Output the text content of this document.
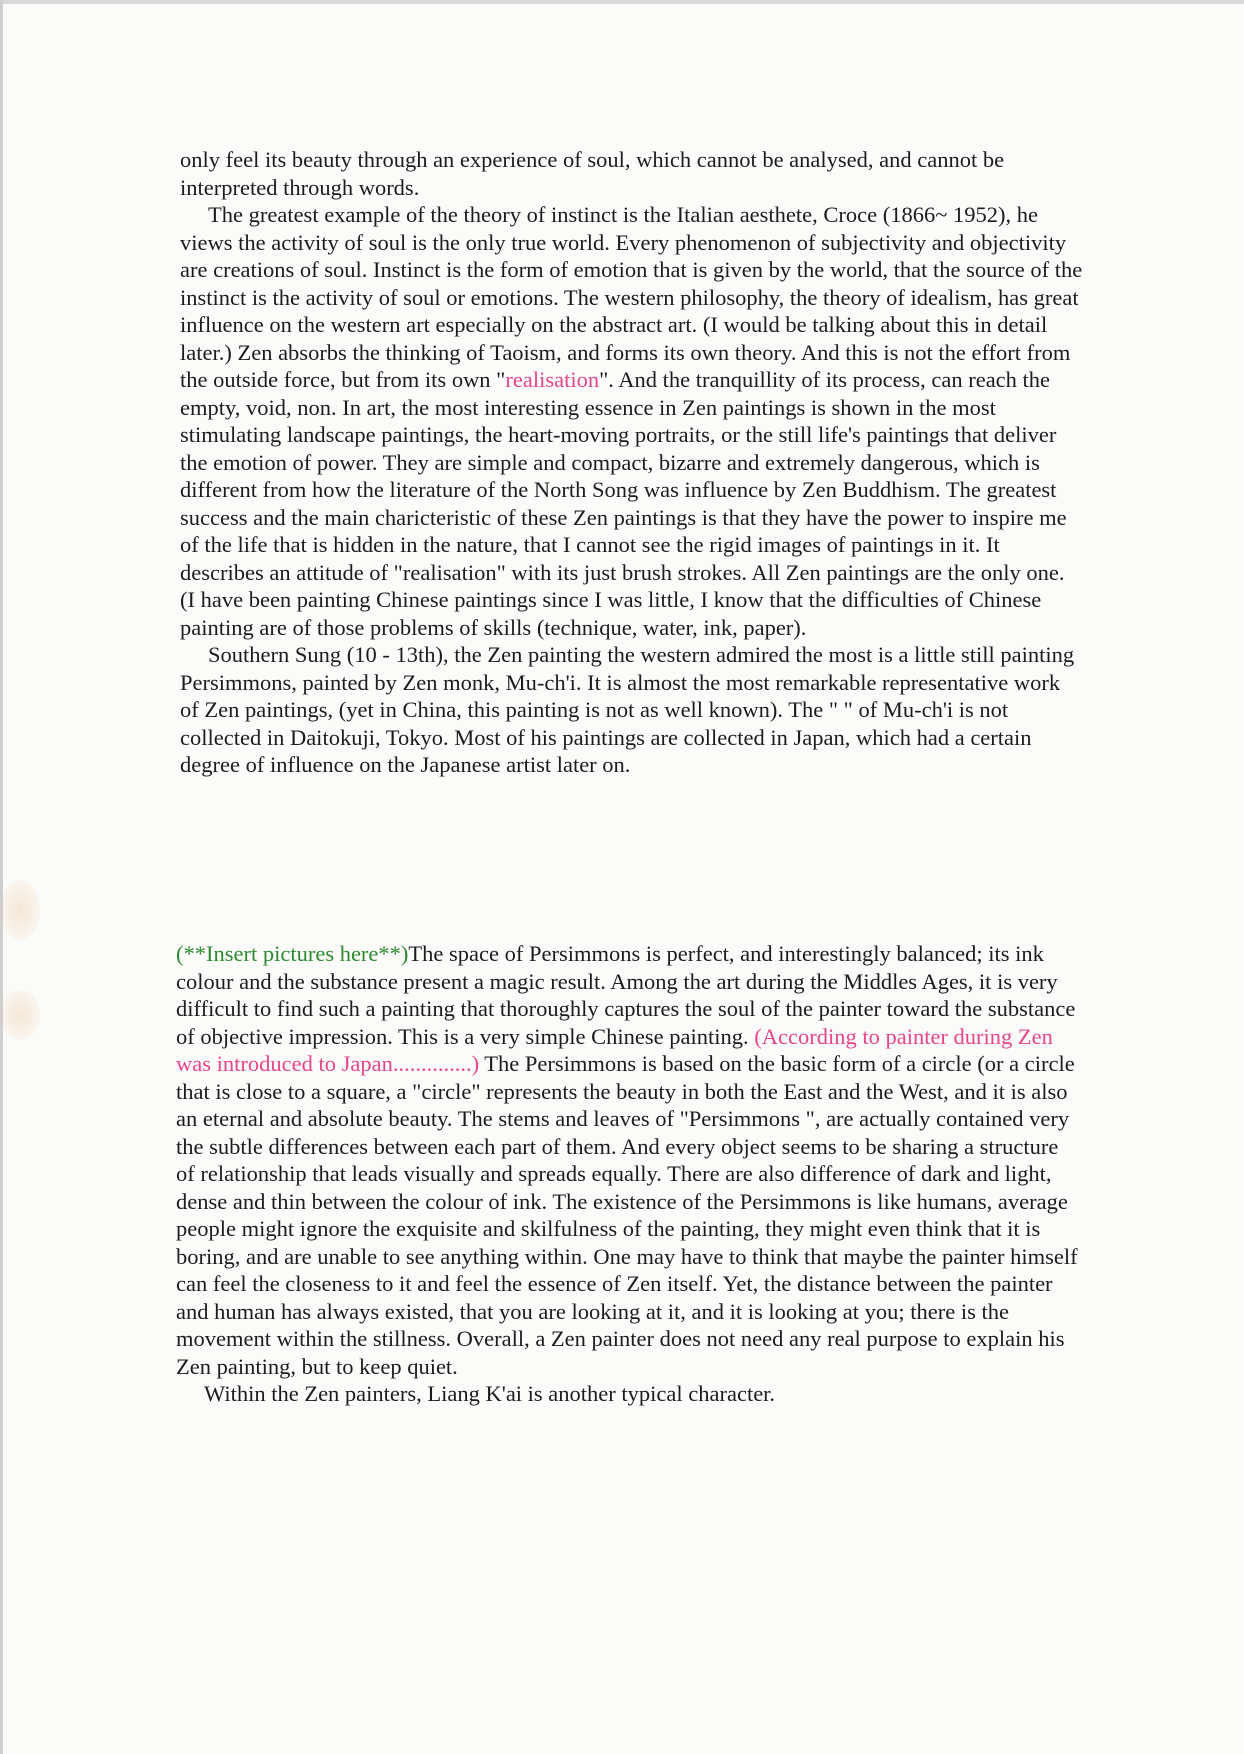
only feel its beauty through an experience of soul, which cannot be analysed, and cannot be interpreted through words.

The greatest example of the theory of instinct is the Italian aesthete, Croce (1866~ 1952), he views the activity of soul is the only true world. Every phenomenon of subjectivity and objectivity are creations of soul. Instinct is the form of emotion that is given by the world, that the source of the instinct is the activity of soul or emotions. The western philosophy, the theory of idealism, has great influence on the western art especially on the abstract art. (I would be talking about this in detail later.) Zen absorbs the thinking of Taoism, and forms its own theory. And this is not the effort from the outside force, but from its own "realisation". And the tranquillity of its process, can reach the empty, void, non. In art, the most interesting essence in Zen paintings is shown in the most stimulating landscape paintings, the heart-moving portraits, or the still life's paintings that deliver the emotion of power. They are simple and compact, bizarre and extremely dangerous, which is different from how the literature of the North Song was influence by Zen Buddhism. The greatest success and the main charicteristic of these Zen paintings is that they have the power to inspire me of the life that is hidden in the nature, that I cannot see the rigid images of paintings in it. It describes an attitude of "realisation" with its just brush strokes. All Zen paintings are the only one. (I have been painting Chinese paintings since I was little, I know that the difficulties of Chinese painting are of those problems of skills (technique, water, ink, paper).

Southern Sung (10 - 13th), the Zen painting the western admired the most is a little still painting Persimmons, painted by Zen monk, Mu-ch'i. It is almost the most remarkable representative work of Zen paintings, (yet in China, this painting is not as well known). The " " of Mu-ch'i is not collected in Daitokuji, Tokyo. Most of his paintings are collected in Japan, which had a certain degree of influence on the Japanese artist later on.

(**Insert pictures here**)The space of Persimmons is perfect, and interestingly balanced; its ink colour and the substance present a magic result. Among the art during the Middles Ages, it is very difficult to find such a painting that thoroughly captures the soul of the painter toward the substance of objective impression. This is a very simple Chinese painting. (According to painter during Zen was introduced to Japan..............) The Persimmons is based on the basic form of a circle (or a circle that is close to a square, a "circle" represents the beauty in both the East and the West, and it is also an eternal and absolute beauty. The stems and leaves of "Persimmons ", are actually contained very the subtle differences between each part of them. And every object seems to be sharing a structure of relationship that leads visually and spreads equally. There are also difference of dark and light, dense and thin between the colour of ink. The existence of the Persimmons is like humans, average people might ignore the exquisite and skilfulness of the painting, they might even think that it is boring, and are unable to see anything within. One may have to think that maybe the painter himself can feel the closeness to it and feel the essence of Zen itself. Yet, the distance between the painter and human has always existed, that you are looking at it, and it is looking at you; there is the movement within the stillness. Overall, a Zen painter does not need any real purpose to explain his Zen painting, but to keep quiet.

Within the Zen painters, Liang K'ai is another typical character.
